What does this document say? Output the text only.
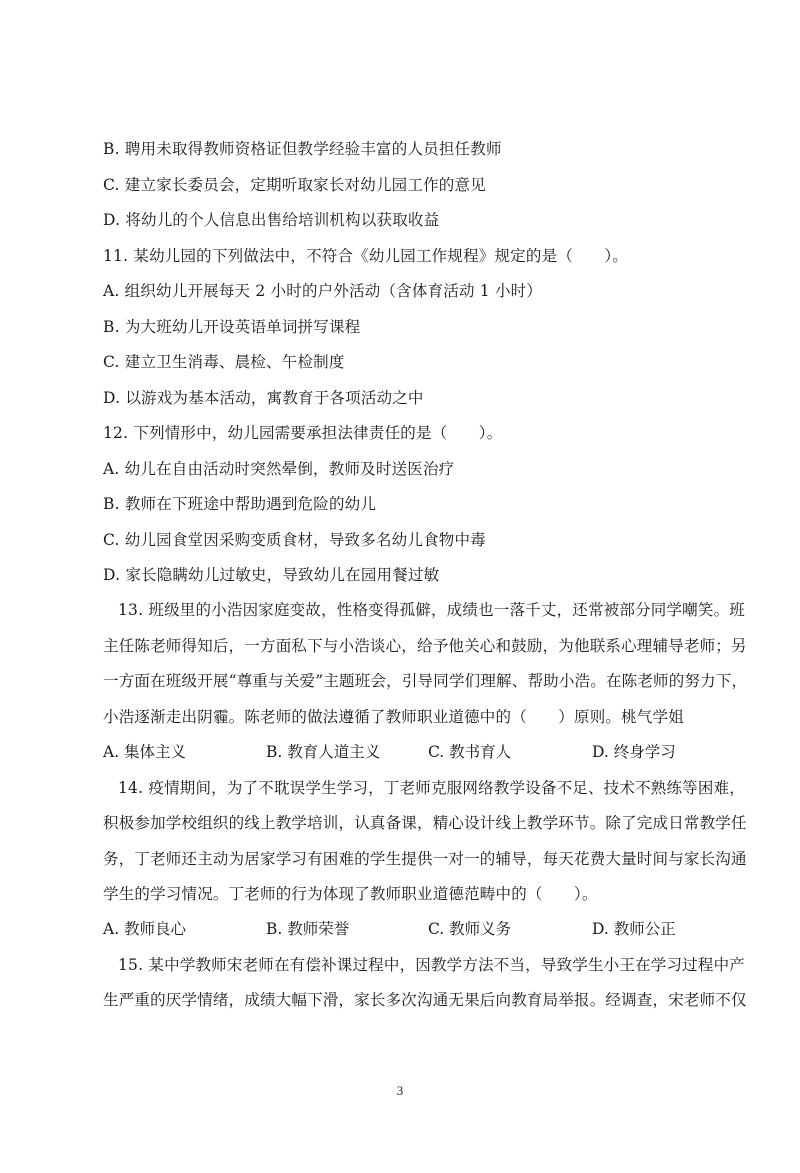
B. 聘用未取得教师资格证但教学经验丰富的人员担任教师
C. 建立家长委员会，定期听取家长对幼儿园工作的意见
D. 将幼儿的个人信息出售给培训机构以获取收益
11. 某幼儿园的下列做法中，不符合《幼儿园工作规程》规定的是（　　）。
A. 组织幼儿开展每天 2 小时的户外活动（含体育活动 1 小时）
B. 为大班幼儿开设英语单词拼写课程
C. 建立卫生消毒、晨检、午检制度
D. 以游戏为基本活动，寓教育于各项活动之中
12. 下列情形中，幼儿园需要承担法律责任的是（　　）。
A. 幼儿在自由活动时突然晕倒，教师及时送医治疗
B. 教师在下班途中帮助遇到危险的幼儿
C. 幼儿园食堂因采购变质食材，导致多名幼儿食物中毒
D. 家长隐瞒幼儿过敏史，导致幼儿在园用餐过敏
13. 班级里的小浩因家庭变故，性格变得孤僻，成绩也一落千丈，还常被部分同学嘲笑。班
主任陈老师得知后，一方面私下与小浩谈心，给予他关心和鼓励，为他联系心理辅导老师；另
一方面在班级开展“尊重与关爱”主题班会，引导同学们理解、帮助小浩。在陈老师的努力下，
小浩逐渐走出阴霾。陈老师的做法遵循了教师职业道德中的（　　）原则。桃气学姐
A. 集体主义	B. 教育人道主义	C. 教书育人	D. 终身学习
14. 疫情期间，为了不耽误学生学习，丁老师克服网络教学设备不足、技术不熟练等困难，
积极参加学校组织的线上教学培训，认真备课，精心设计线上教学环节。除了完成日常教学任
务，丁老师还主动为居家学习有困难的学生提供一对一的辅导，每天花费大量时间与家长沟通
学生的学习情况。丁老师的行为体现了教师职业道德范畴中的（　　）。
A. 教师良心	B. 教师荣誉	C. 教师义务	D. 教师公正
15. 某中学教师宋老师在有偿补课过程中，因教学方法不当，导致学生小王在学习过程中产
生严重的厌学情绪，成绩大幅下滑，家长多次沟通无果后向教育局举报。经调查，宋老师不仅
3
